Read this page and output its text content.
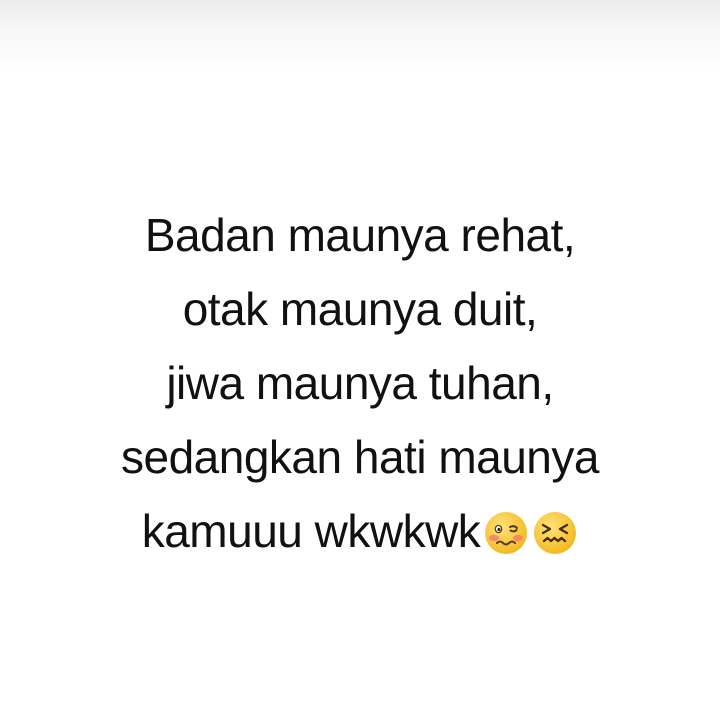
Badan maunya rehat,
otak maunya duit,
jiwa maunya tuhan,
sedangkan hati maunya
kamuuu wkwkwk
